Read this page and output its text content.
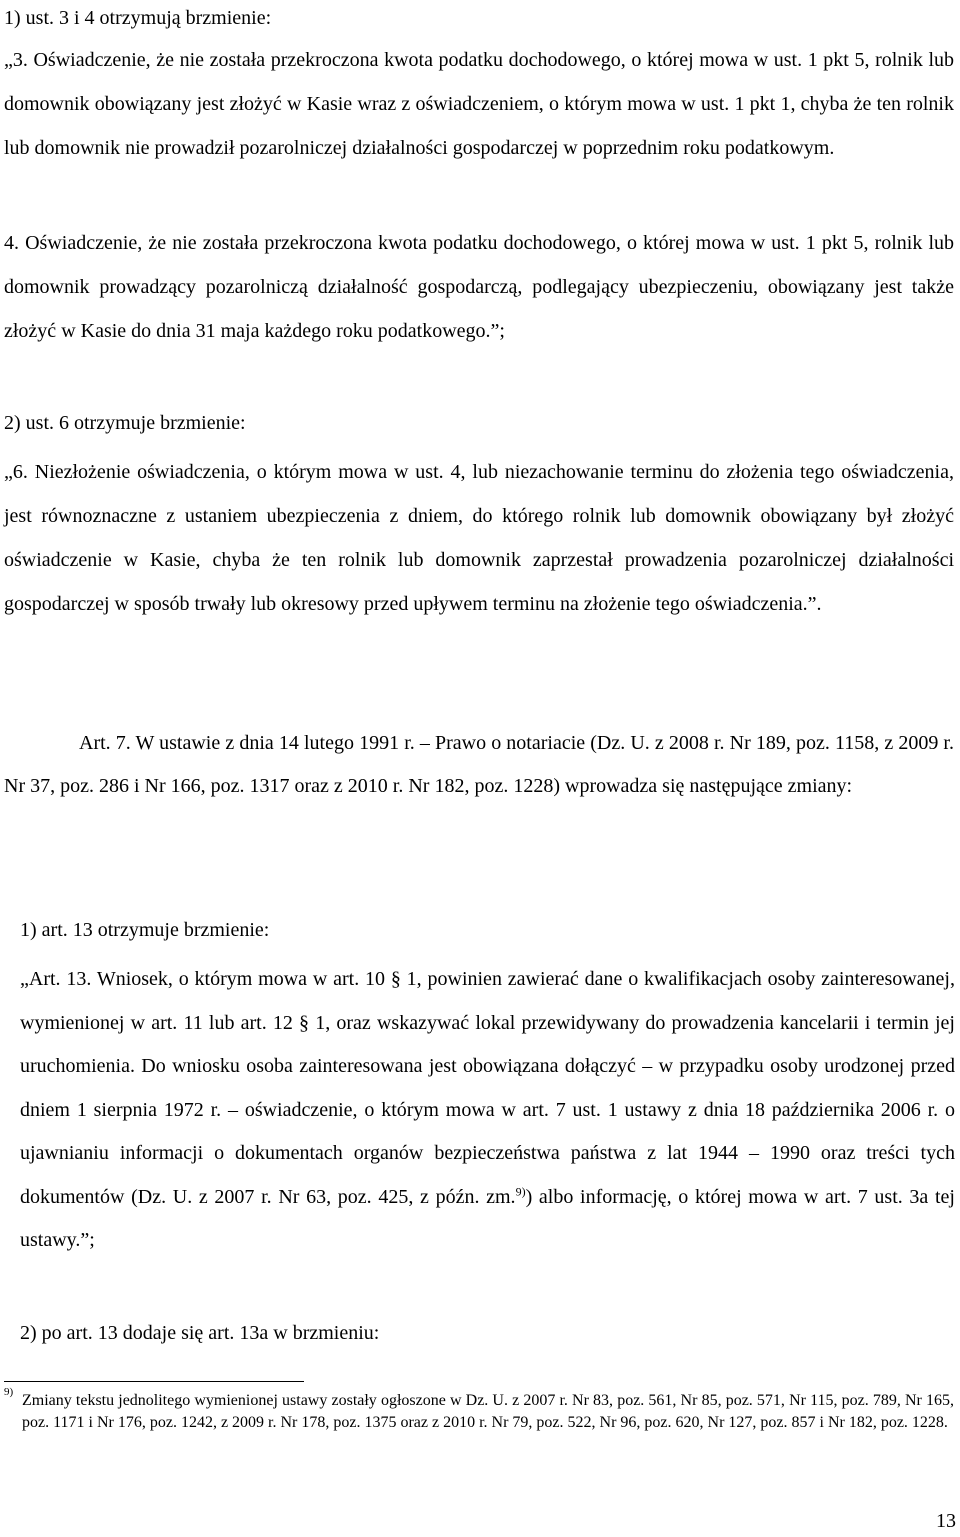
1) ust. 3 i 4 otrzymują brzmienie:

„3. Oświadczenie, że nie została przekroczona kwota podatku dochodowego, o której mowa w ust. 1 pkt 5, rolnik lub domownik obowiązany jest złożyć w Kasie wraz z oświadczeniem, o którym mowa w ust. 1 pkt 1, chyba że ten rolnik lub domownik nie prowadził pozarolniczej działalności gospodarczej w poprzednim roku podatkowym.

4. Oświadczenie, że nie została przekroczona kwota podatku dochodowego, o której mowa w ust. 1 pkt 5, rolnik lub domownik prowadzący pozarolniczą działalność gospodarczą, podlegający ubezpieczeniu, obowiązany jest także złożyć w Kasie do dnia 31 maja każdego roku podatkowego.”;

2) ust. 6 otrzymuje brzmienie:

„6. Niezłożenie oświadczenia, o którym mowa w ust. 4, lub niezachowanie terminu do złożenia tego oświadczenia, jest równoznaczne z ustaniem ubezpieczenia z dniem, do którego rolnik lub domownik obowiązany był złożyć oświadczenie w Kasie, chyba że ten rolnik lub domownik zaprzestał prowadzenia pozarolniczej działalności gospodarczej w sposób trwały lub okresowy przed upływem terminu na złożenie tego oświadczenia.”.

Art. 7. W ustawie z dnia 14 lutego 1991 r. – Prawo o notariacie (Dz. U. z 2008 r. Nr 189, poz. 1158, z 2009 r. Nr 37, poz. 286 i Nr 166, poz. 1317 oraz z 2010 r. Nr 182, poz. 1228) wprowadza się następujące zmiany:

1) art. 13 otrzymuje brzmienie:

„Art. 13. Wniosek, o którym mowa w art. 10 § 1, powinien zawierać dane o kwalifikacjach osoby zainteresowanej, wymienionej w art. 11 lub art. 12 § 1, oraz wskazywać lokal przewidywany do prowadzenia kancelarii i termin jej uruchomienia. Do wniosku osoba zainteresowana jest obowiązana dołączyć – w przypadku osoby urodzonej przed dniem 1 sierpnia 1972 r. – oświadczenie, o którym mowa w art. 7 ust. 1 ustawy z dnia 18 października 2006 r. o ujawnianiu informacji o dokumentach organów bezpieczeństwa państwa z lat 1944 – 1990 oraz treści tych dokumentów (Dz. U. z 2007 r. Nr 63, poz. 425, z późn. zm.$^{9)}$) albo informację, o której mowa w art. 7 ust. 3a tej ustawy.”;

2) po art. 13 dodaje się art. 13a w brzmieniu:

9) Zmiany tekstu jednolitego wymienionej ustawy zostały ogłoszone w Dz. U. z 2007 r. Nr 83, poz. 561, Nr 85, poz. 571, Nr 115, poz. 789, Nr 165, poz. 1171 i Nr 176, poz. 1242, z 2009 r. Nr 178, poz. 1375 oraz z 2010 r. Nr 79, poz. 522, Nr 96, poz. 620, Nr 127, poz. 857 i Nr 182, poz. 1228.

13
